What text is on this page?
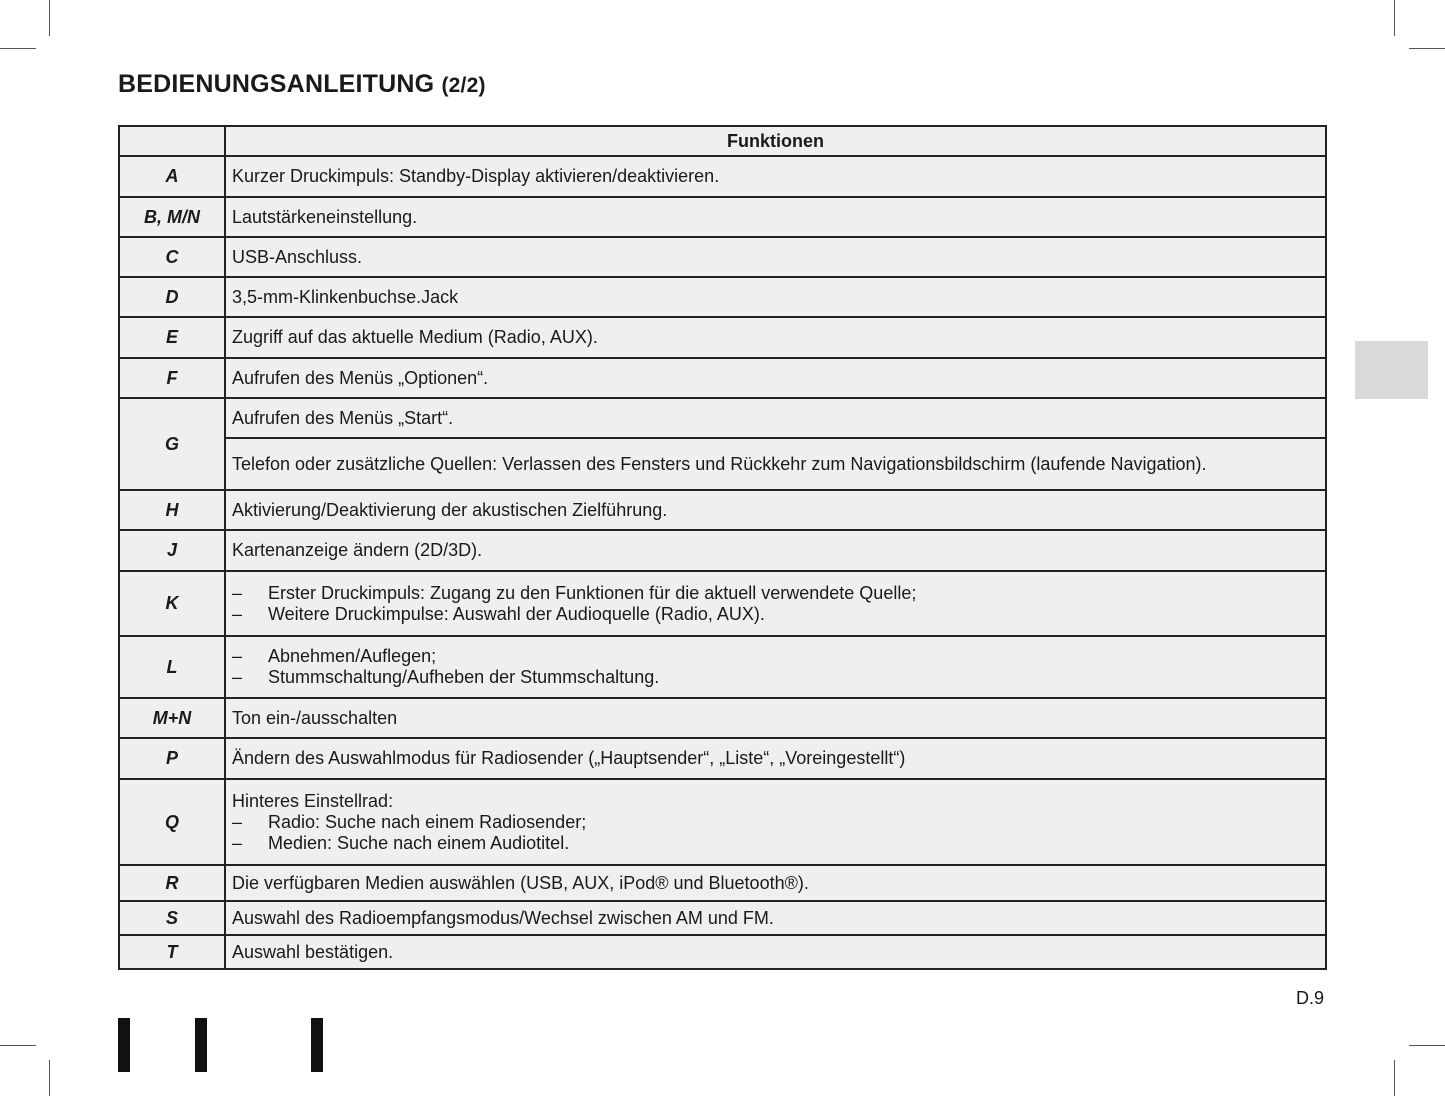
BEDIENUNGSANLEITUNG (2/2)
	Funktionen
A	Kurzer Druckimpuls: Standby-Display aktivieren/deaktivieren.
B, M/N	Lautstärkeneinstellung.
C	USB-Anschluss.
D	3,5-mm-Klinkenbuchse.Jack
E	Zugriff auf das aktuelle Medium (Radio, AUX).
F	Aufrufen des Menüs „Optionen“.
G	Aufrufen des Menüs „Start“.
	Telefon oder zusätzliche Quellen: Verlassen des Fensters und Rückkehr zum Navigationsbildschirm (laufende Navigation).
H	Aktivierung/Deaktivierung der akustischen Zielführung.
J	Kartenanzeige ändern (2D/3D).
K	– Erster Druckimpuls: Zugang zu den Funktionen für die aktuell verwendete Quelle;
– Weitere Druckimpulse: Auswahl der Audioquelle (Radio, AUX).

L	– Abnehmen/Auflegen;
– Stummschaltung/Aufheben der Stummschaltung.

M+N	Ton ein-/ausschalten
P	Ändern des Auswahlmodus für Radiosender („Hauptsender“, „Liste“, „Voreingestellt“)
Q	Hinteres Einstellrad:
– Radio: Suche nach einem Radiosender;
– Medien: Suche nach einem Audiotitel.

R	Die verfügbaren Medien auswählen (USB, AUX, iPod® und Bluetooth®).
S	Auswahl des Radioempfangsmodus/Wechsel zwischen AM und FM.
T	Auswahl bestätigen.
D.9
